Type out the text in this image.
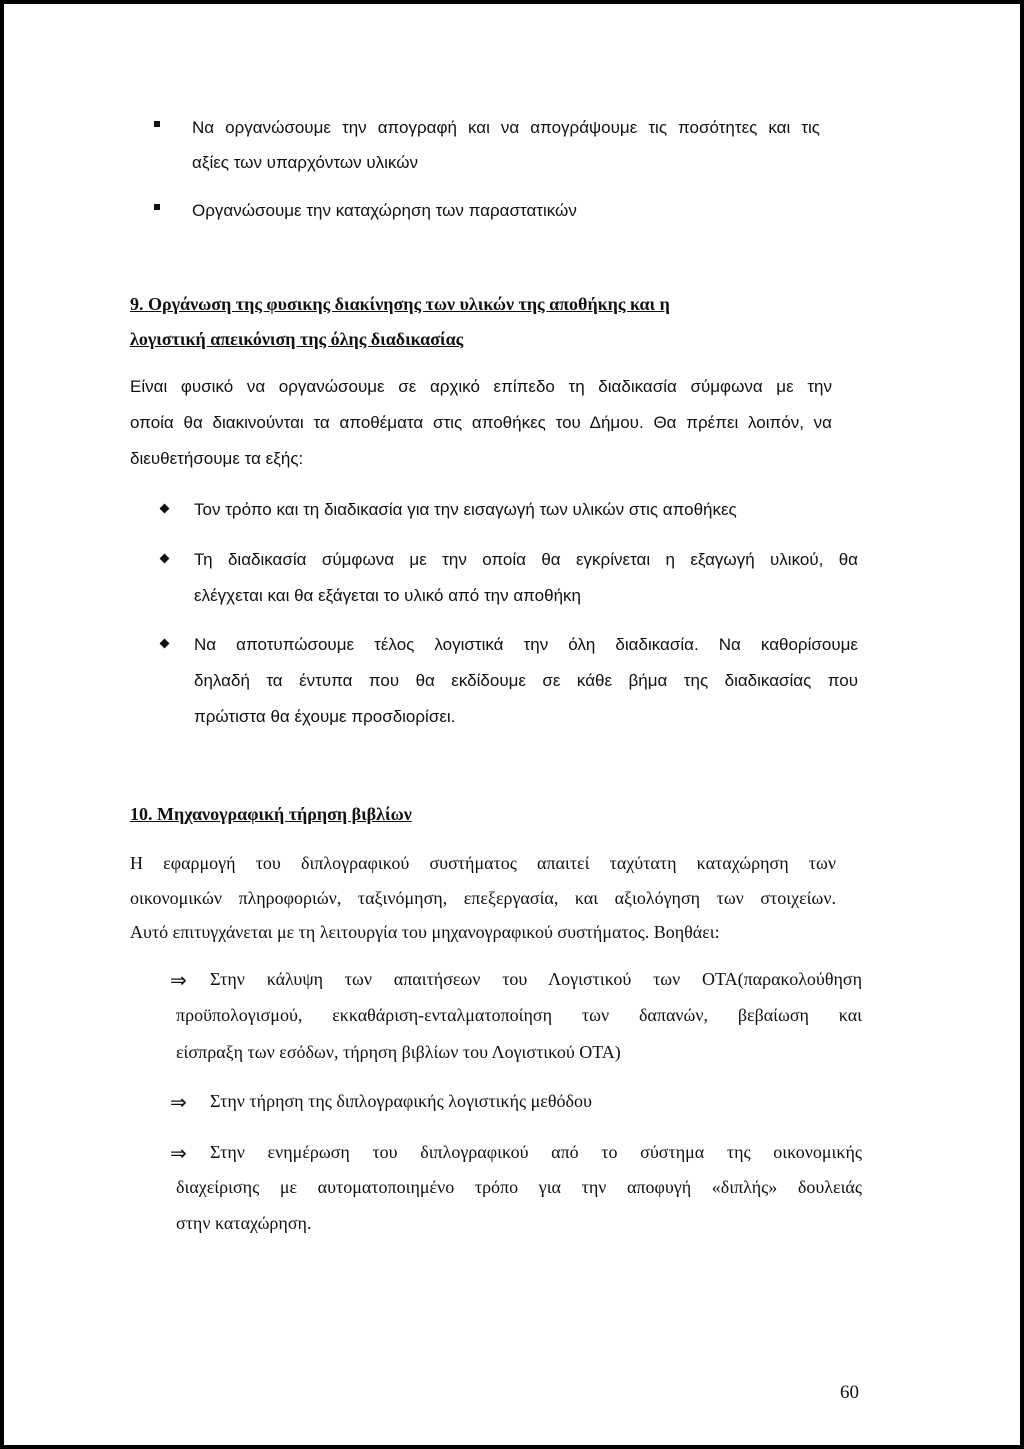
Να οργανώσουμε την απογραφή και να απογράψουμε τις ποσότητες και τις
αξίες των υπαρχόντων υλικών
Οργανώσουμε την καταχώρηση των παραστατικών
9. Οργάνωση της φυσικης διακίνησης των υλικών της αποθήκης και η
λογιστική απεικόνιση της όλης διαδικασίας
Είναι φυσικό να οργανώσουμε σε αρχικό επίπεδο τη διαδικασία σύμφωνα με την
οποία θα διακινούνται τα αποθέματα στις αποθήκες του Δήμου. Θα πρέπει λοιπόν, να
διευθετήσουμε τα εξής:
Τον τρόπο και τη διαδικασία για την εισαγωγή των υλικών στις αποθήκες
Τη διαδικασία σύμφωνα με την οποία θα εγκρίνεται η εξαγωγή υλικού, θα
ελέγχεται και θα εξάγεται το υλικό από την αποθήκη
Να αποτυπώσουμε τέλος λογιστικά την όλη διαδικασία. Να καθορίσουμε
δηλαδή τα έντυπα που θα εκδίδουμε σε κάθε βήμα της διαδικασίας που
πρώτιστα θα έχουμε προσδιορίσει.
10. Μηχανογραφική τήρηση βιβλίων
Η εφαρμογή του διπλογραφικού συστήματος απαιτεί ταχύτατη καταχώρηση των
οικονομικών πληροφοριών, ταξινόμηση, επεξεργασία, και αξιολόγηση των στοιχείων.
Αυτό επιτυγχάνεται με τη λειτουργία του μηχανογραφικού συστήματος. Βοηθάει:
⇒ Στην κάλυψη των απαιτήσεων του Λογιστικού των ΟΤΑ(παρακολούθηση
προϋπολογισμού, εκκαθάριση-ενταλματοποίηση των δαπανών, βεβαίωση και
είσπραξη των εσόδων, τήρηση βιβλίων του Λογιστικού ΟΤΑ)
⇒ Στην τήρηση της διπλογραφικής λογιστικής μεθόδου
⇒ Στην ενημέρωση του διπλογραφικού από το σύστημα της οικονομικής
διαχείρισης με αυτοματοποιημένο τρόπο για την αποφυγή «διπλής» δουλειάς
στην καταχώρηση.
60
